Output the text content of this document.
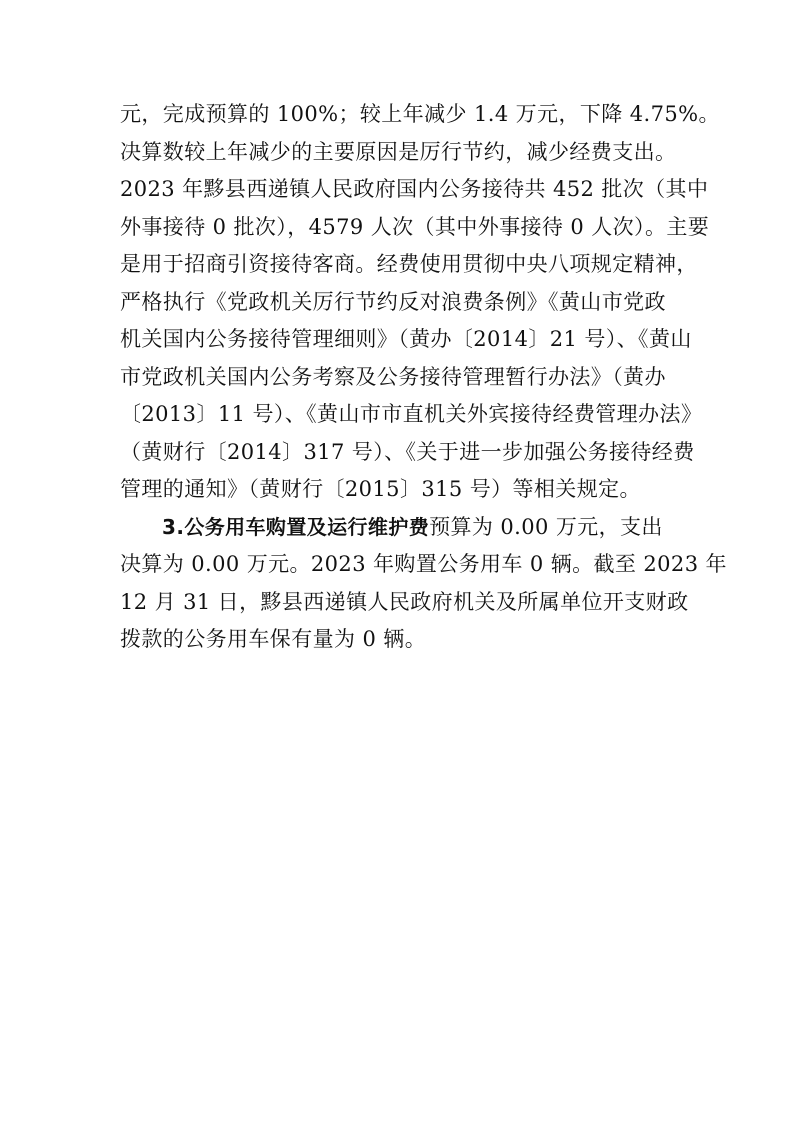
元，完成预算的 100%；较上年减少 1.4 万元，下降 4.75%。
决算数较上年减少的主要原因是厉行节约，减少经费支出。
2023 年黟县西递镇人民政府国内公务接待共 452 批次（其中
外事接待 0 批次），4579 人次（其中外事接待 0 人次）。主要
是用于招商引资接待客商。经费使用贯彻中央八项规定精神，
严格执行《党政机关厉行节约反对浪费条例》《黄山市党政
机关国内公务接待管理细则》（黄办〔2014〕21 号）、《黄山
市党政机关国内公务考察及公务接待管理暂行办法》（黄办
〔2013〕11 号）、《黄山市市直机关外宾接待经费管理办法》
（黄财行〔2014〕317 号）、《关于进一步加强公务接待经费
管理的通知》（黄财行〔2015〕315 号）等相关规定。
3.公务用车购置及运行维护费预算为 0.00 万元，支出
决算为 0.00 万元。2023 年购置公务用车 0 辆。截至 2023 年
12 月 31 日，黟县西递镇人民政府机关及所属单位开支财政
拨款的公务用车保有量为 0 辆。
